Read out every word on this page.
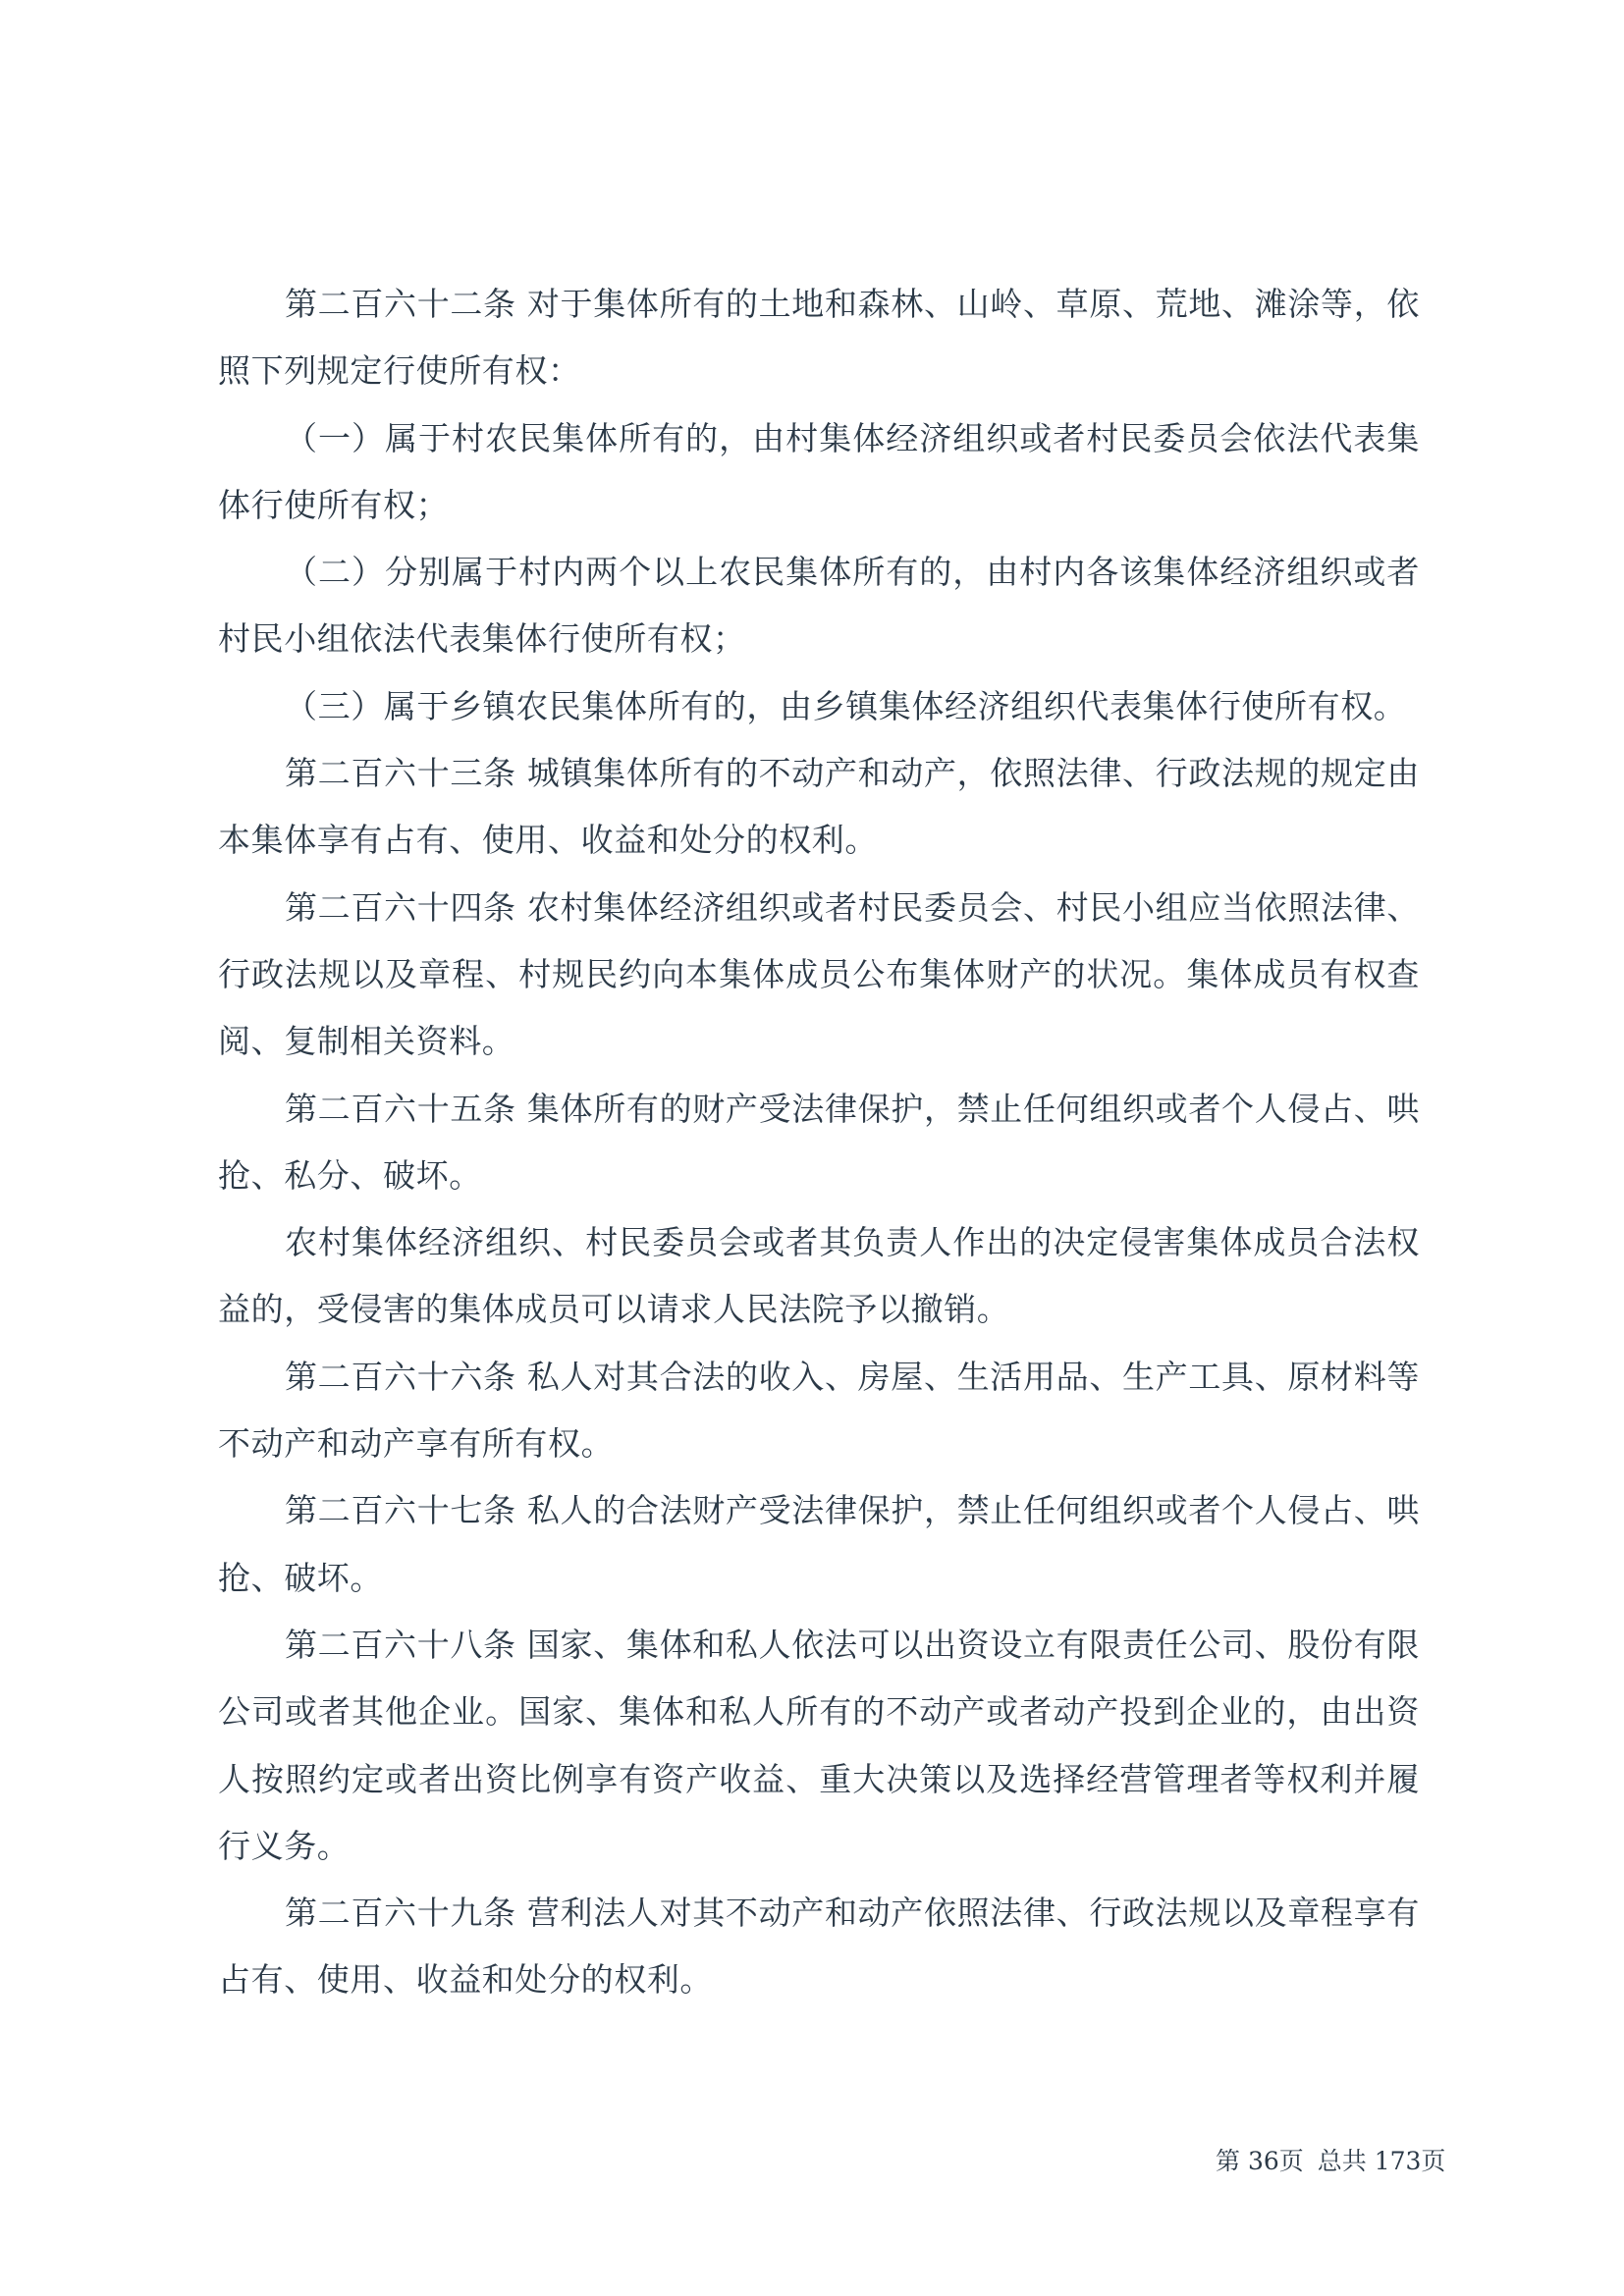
第二百六十二条 对于集体所有的土地和森林、山岭、草原、荒地、滩涂等，依照下列规定行使所有权：

（一）属于村农民集体所有的，由村集体经济组织或者村民委员会依法代表集体行使所有权；

（二）分别属于村内两个以上农民集体所有的，由村内各该集体经济组织或者村民小组依法代表集体行使所有权；

（三）属于乡镇农民集体所有的，由乡镇集体经济组织代表集体行使所有权。

第二百六十三条 城镇集体所有的不动产和动产，依照法律、行政法规的规定由本集体享有占有、使用、收益和处分的权利。

第二百六十四条 农村集体经济组织或者村民委员会、村民小组应当依照法律、行政法规以及章程、村规民约向本集体成员公布集体财产的状况。集体成员有权查阅、复制相关资料。

第二百六十五条 集体所有的财产受法律保护，禁止任何组织或者个人侵占、哄抢、私分、破坏。

农村集体经济组织、村民委员会或者其负责人作出的决定侵害集体成员合法权益的，受侵害的集体成员可以请求人民法院予以撤销。

第二百六十六条 私人对其合法的收入、房屋、生活用品、生产工具、原材料等不动产和动产享有所有权。

第二百六十七条 私人的合法财产受法律保护，禁止任何组织或者个人侵占、哄抢、破坏。

第二百六十八条 国家、集体和私人依法可以出资设立有限责任公司、股份有限公司或者其他企业。国家、集体和私人所有的不动产或者动产投到企业的，由出资人按照约定或者出资比例享有资产收益、重大决策以及选择经营管理者等权利并履行义务。

第二百六十九条 营利法人对其不动产和动产依照法律、行政法规以及章程享有占有、使用、收益和处分的权利。

第 36页 总共 173页
